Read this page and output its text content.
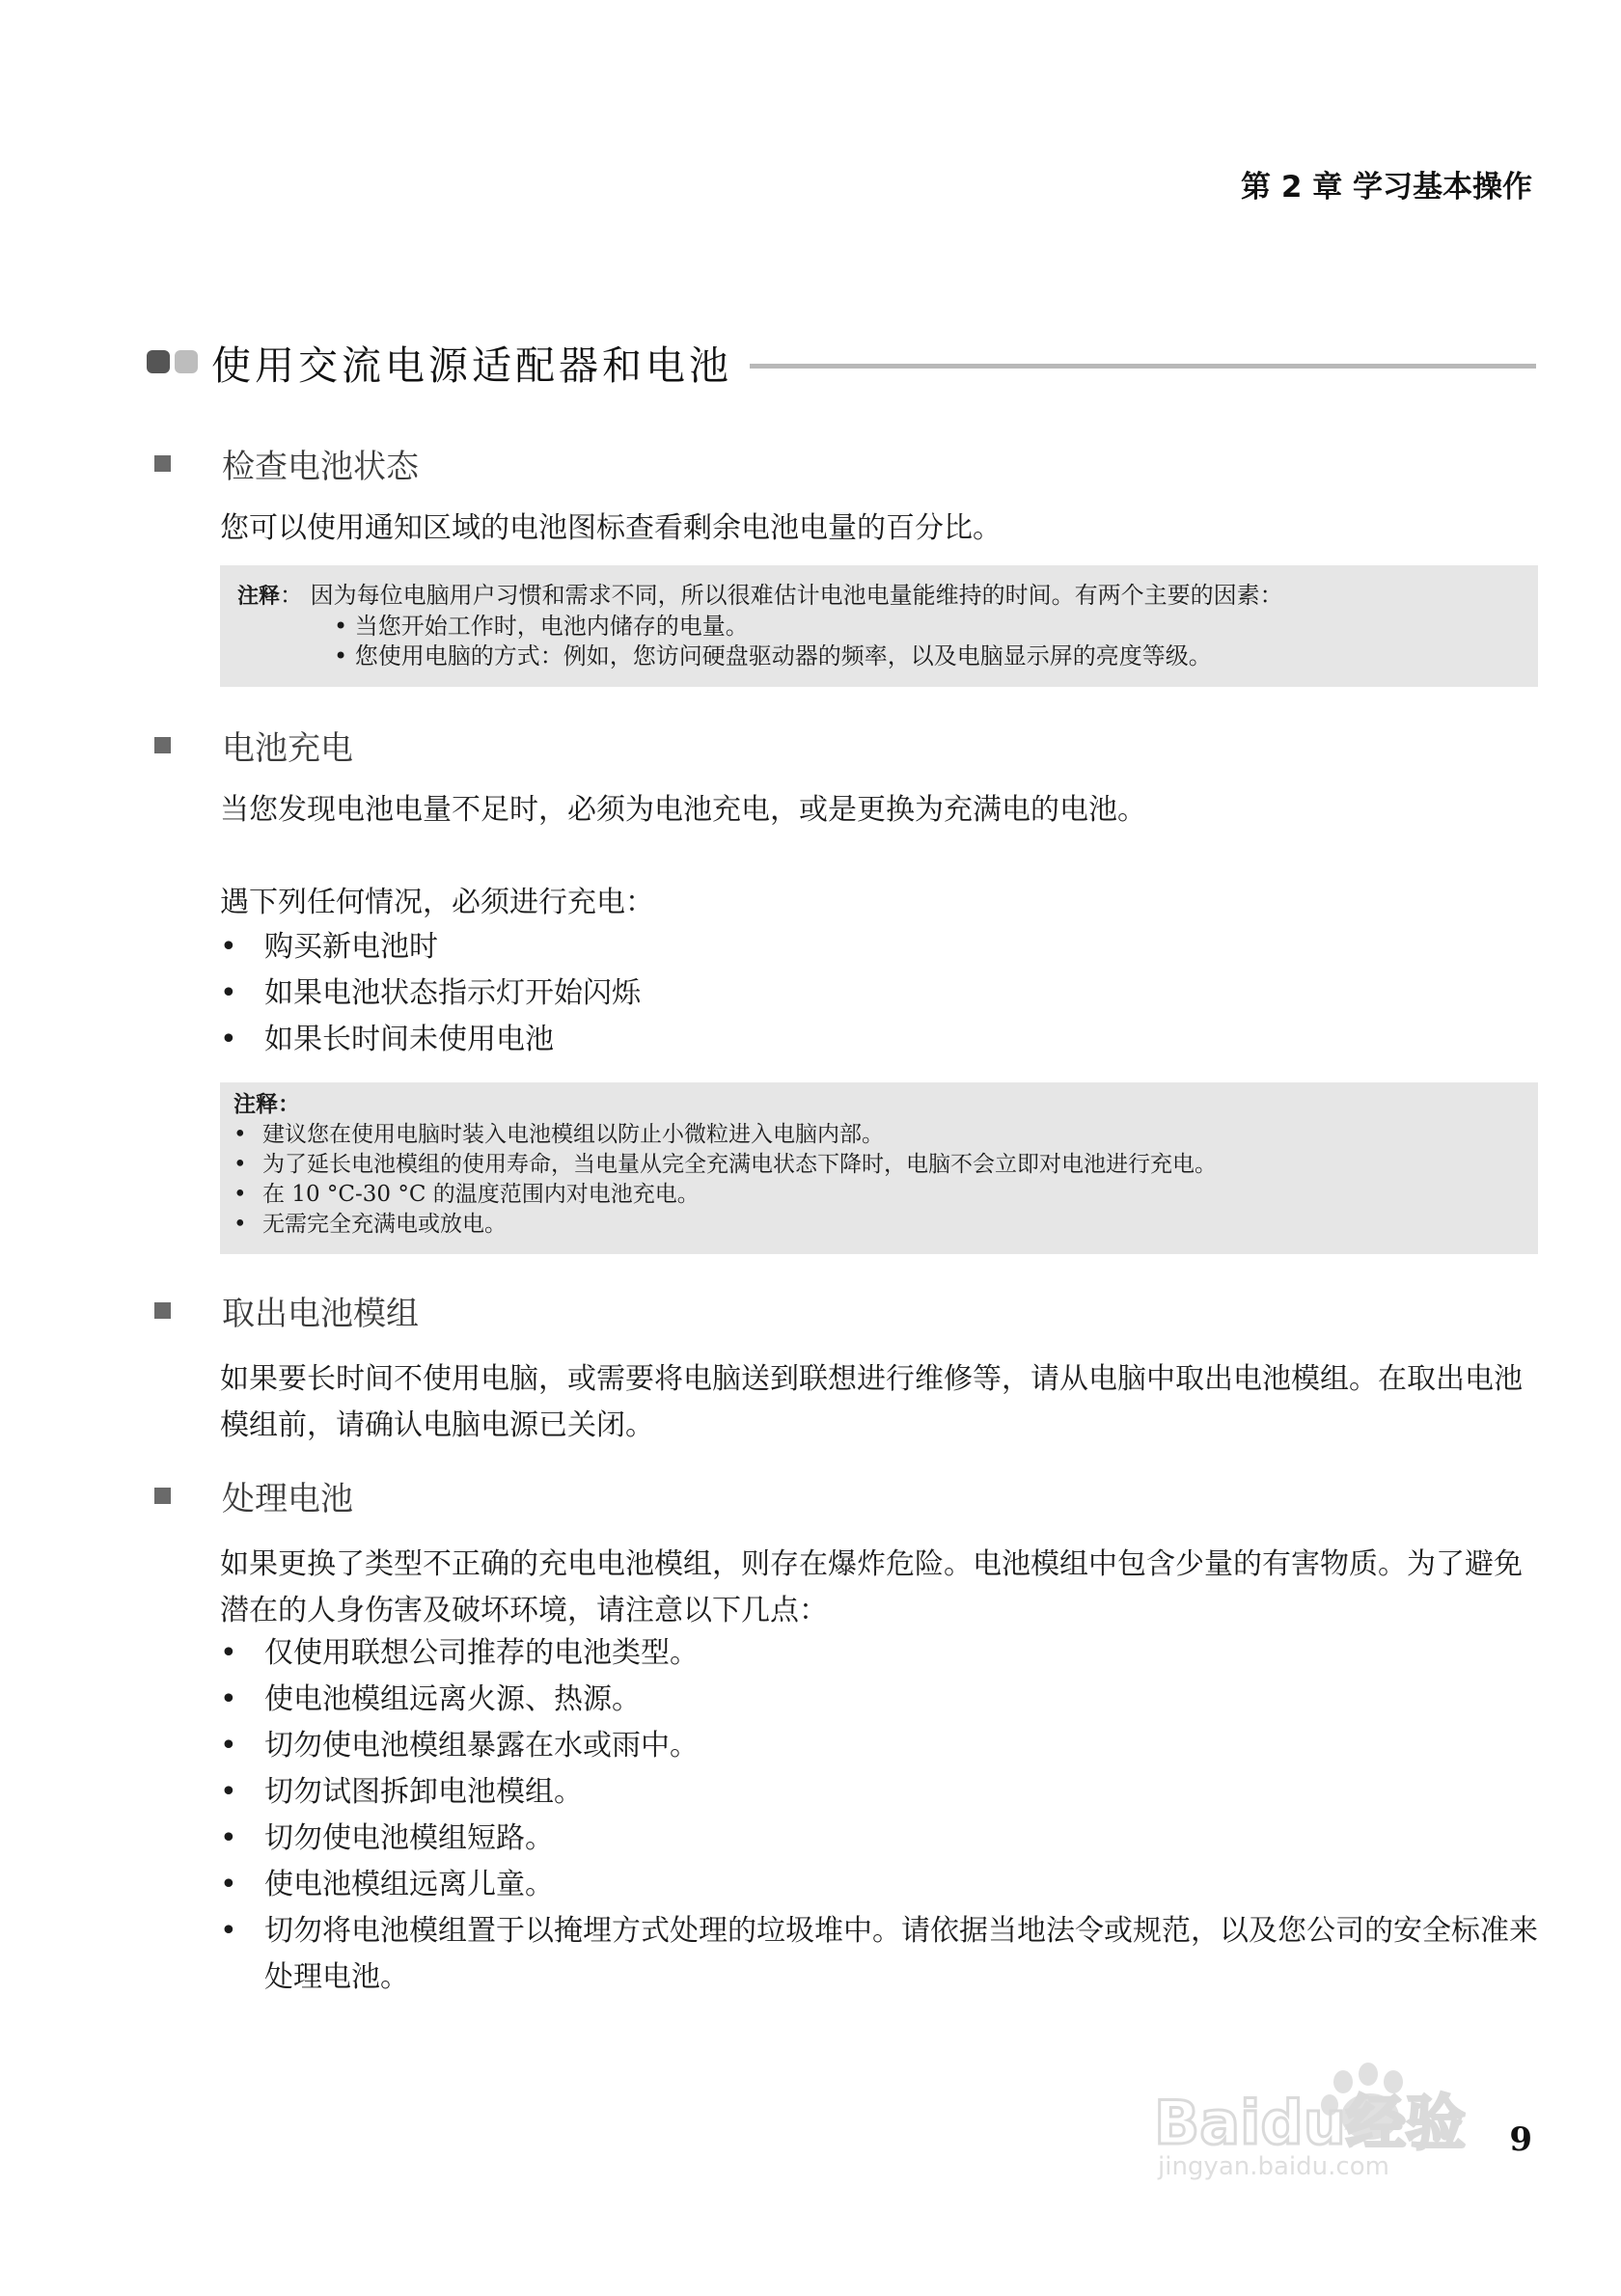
第 2 章 学习基本操作
使用交流电源适配器和电池
检查电池状态
您可以使用通知区域的电池图标查看剩余电池电量的百分比。
注释： 因为每位电脑用户习惯和需求不同，所以很难估计电池电量能维持的时间。有两个主要的因素：
• 当您开始工作时，电池内储存的电量。
• 您使用电脑的方式：例如，您访问硬盘驱动器的频率，以及电脑显示屏的亮度等级。
电池充电
当您发现电池电量不足时，必须为电池充电，或是更换为充满电的电池。
遇下列任何情况，必须进行充电：
• 购买新电池时
• 如果电池状态指示灯开始闪烁
• 如果长时间未使用电池
注释：
• 建议您在使用电脑时装入电池模组以防止小微粒进入电脑内部。
• 为了延长电池模组的使用寿命，当电量从完全充满电状态下降时，电脑不会立即对电池进行充电。
• 在 10 °C-30 °C 的温度范围内对电池充电。
• 无需完全充满电或放电。
取出电池模组
如果要长时间不使用电脑，或需要将电脑送到联想进行维修等，请从电脑中取出电池模组。在取出电池模组前，请确认电脑电源已关闭。
处理电池
如果更换了类型不正确的充电电池模组，则存在爆炸危险。电池模组中包含少量的有害物质。为了避免潜在的人身伤害及破坏环境，请注意以下几点：
• 仅使用联想公司推荐的电池类型。
• 使电池模组远离火源、热源。
• 切勿使电池模组暴露在水或雨中。
• 切勿试图拆卸电池模组。
• 切勿使电池模组短路。
• 使电池模组远离儿童。
• 切勿将电池模组置于以掩埋方式处理的垃圾堆中。请依据当地法令或规范，以及您公司的安全标准来处理电池。
Baidu经验
jingyan.baidu.com
9
